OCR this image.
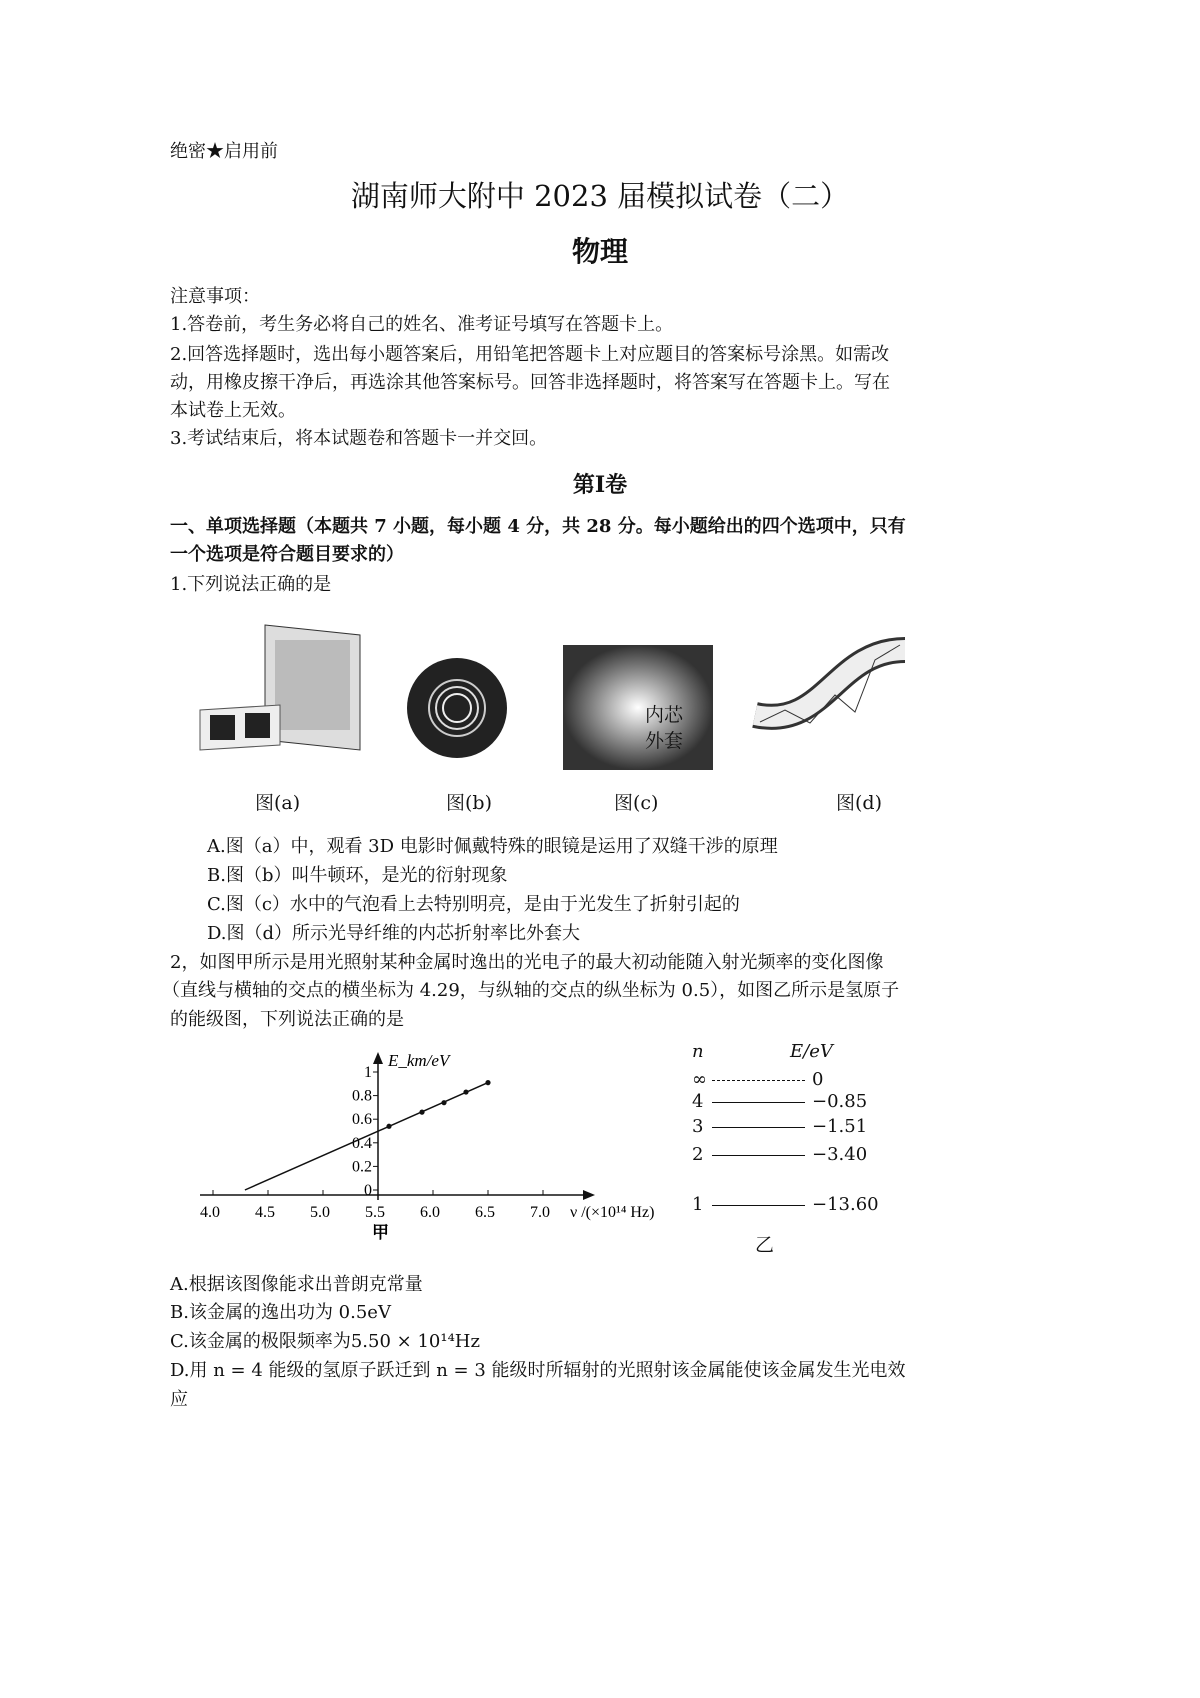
绝密★启用前
湖南师大附中 2023 届模拟试卷（二）
物理
注意事项：
1.答卷前，考生务必将自己的姓名、准考证号填写在答题卡上。
2.回答选择题时，选出每小题答案后，用铅笔把答题卡上对应题目的答案标号涂黑。如需改
动，用橡皮擦干净后，再选涂其他答案标号。回答非选择题时，将答案写在答题卡上。写在
本试卷上无效。
3.考试结束后，将本试题卷和答题卡一并交回。
第Ⅰ卷
一、单项选择题（本题共 7 小题，每小题 4 分，共 28 分。每小题给出的四个选项中，只有
一个选项是符合题目要求的）
1.下列说法正确的是
内芯
外套
图(a)	图(b)	图(c)	图(d)
A.图（a）中，观看 3D 电影时佩戴特殊的眼镜是运用了双缝干涉的原理
B.图（b）叫牛顿环，是光的衍射现象
C.图（c）水中的气泡看上去特别明亮，是由于光发生了折射引起的
D.图（d）所示光导纤维的内芯折射率比外套大
2，如图甲所示是用光照射某种金属时逸出的光电子的最大初动能随入射光频率的变化图像
（直线与横轴的交点的横坐标为 4.29，与纵轴的交点的纵坐标为 0.5），如图乙所示是氢原子
的能级图，下列说法正确的是
E_km/eV
ν /(×10¹⁴ Hz)
甲
4.0 4.5 5.0 5.5 6.0 6.5 7.0
0
0.2
0.4
0.6
0.8
1
n	E/eV
∞	0
4	−0.85
3	−1.51
2	−3.40
1	−13.60
乙
A.根据该图像能求出普朗克常量
B.该金属的逸出功为 0.5eV
C.该金属的极限频率为5.50 × 10¹⁴Hz
D.用 n = 4 能级的氢原子跃迁到 n = 3 能级时所辐射的光照射该金属能使该金属发生光电效
应
